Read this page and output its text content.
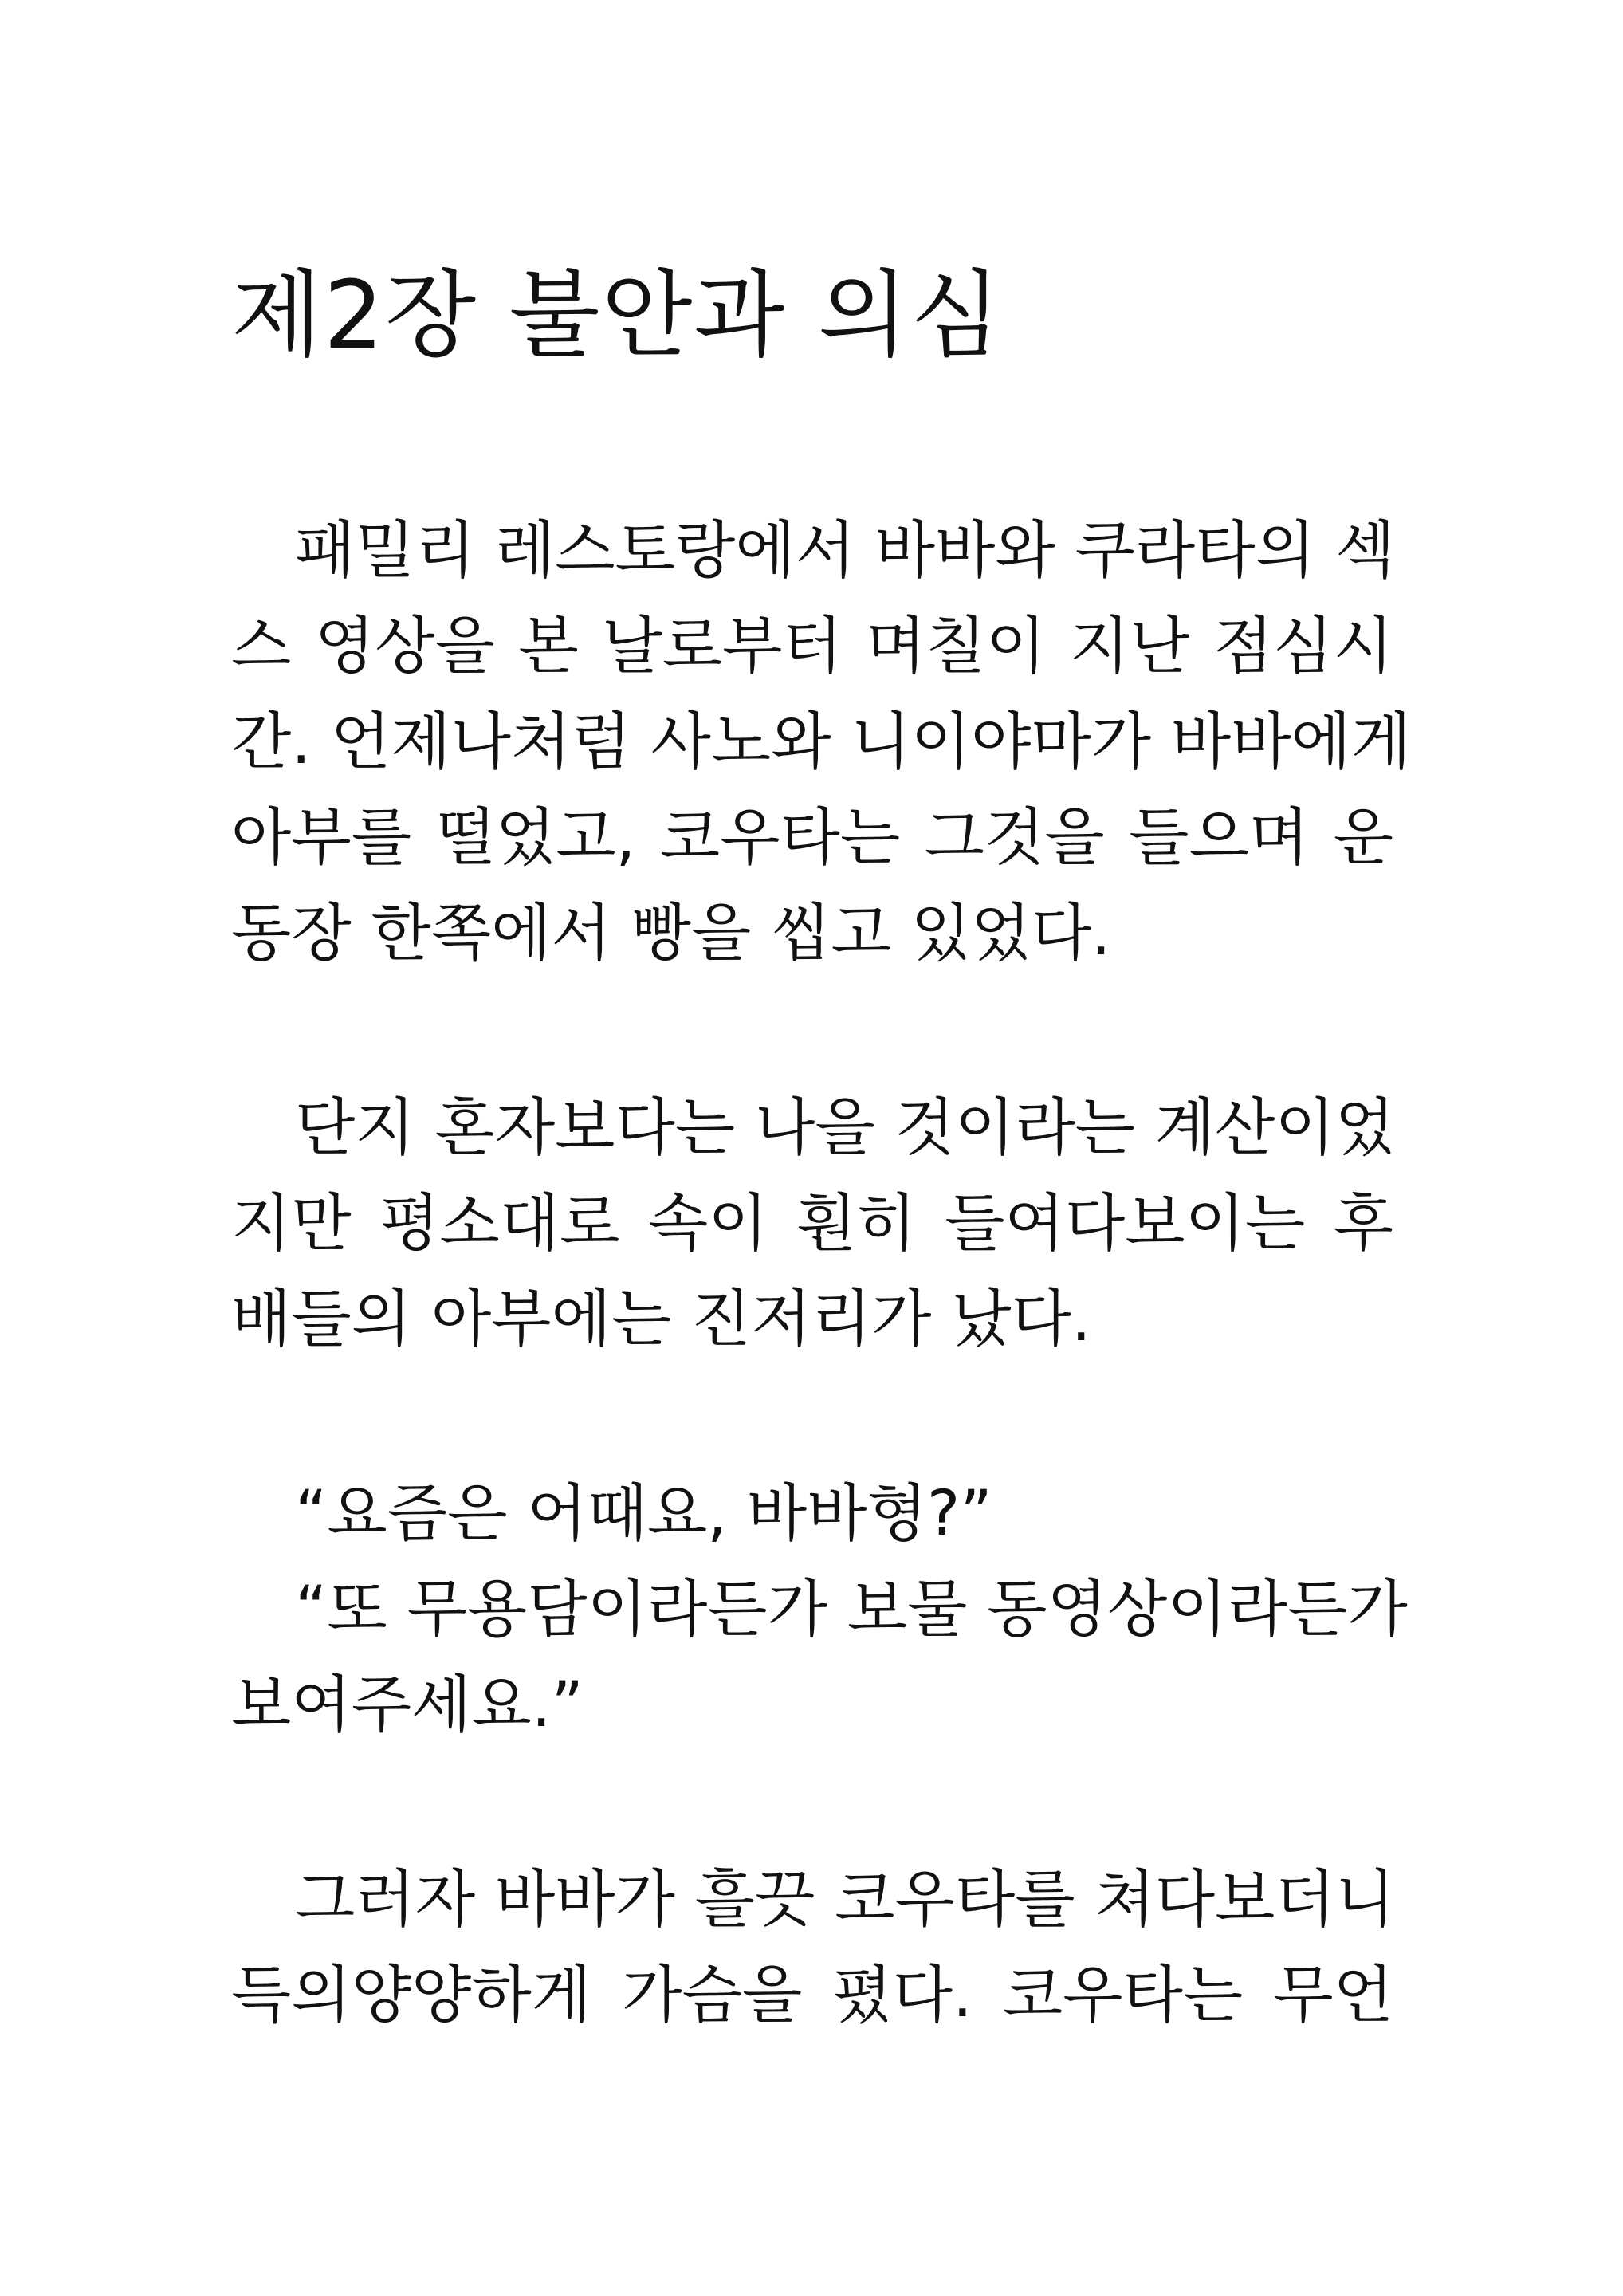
제2장 불안과 의심

패밀리 레스토랑에서 바바와 쿠라타의 섹

스 영상을 본 날로부터 며칠이 지난 점심시

간. 언제나처럼 사노와 니이야마가 바바에게

아부를 떨었고, 코우타는 그것을 들으며 운

동장 한쪽에서 빵을 씹고 있었다.

단지 혼자보다는 나을 것이라는 계산이었

지만 평소대로 속이 훤히 들여다보이는 후

배들의 아부에는 진저리가 났다.

“요즘은 어때요, 바바형?”

“또 무용담이라든가 보물 동영상이라든가

보여주세요.”

그러자 바바가 흘끗 코우타를 쳐다보더니

득의양양하게 가슴을 폈다. 코우타는 무언
